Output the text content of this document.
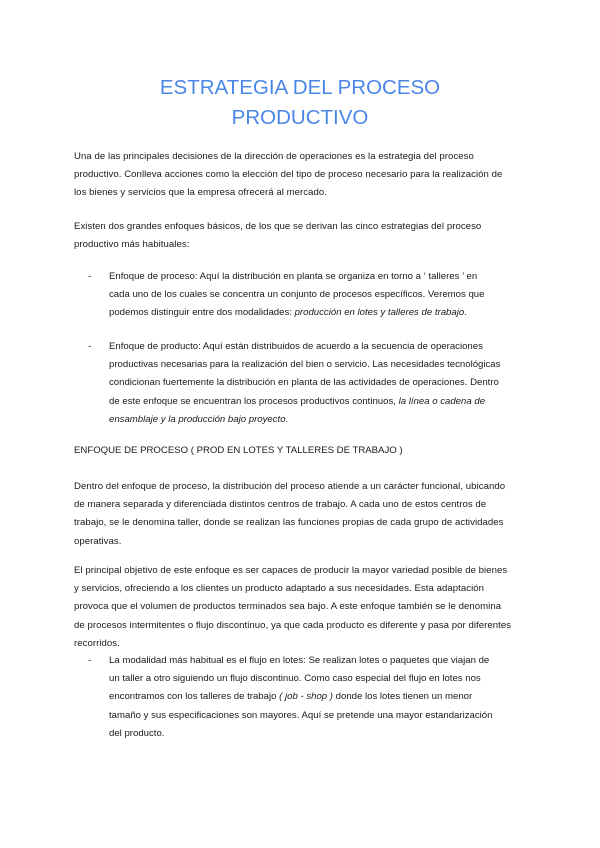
ESTRATEGIA DEL PROCESO
PRODUCTIVO
Una de las principales decisiones de la dirección de operaciones es la estrategia del proceso
productivo. Conlleva acciones como la elección del tipo de proceso necesario para la realización de
los bienes y servicios que la empresa ofrecerá al mercado.
Existen dos grandes enfoques básicos, de los que se derivan las cinco estrategias del proceso
productivo más habituales:
-	Enfoque de proceso: Aquí la distribución en planta se organiza en torno a ‘ talleres ’ en
cada uno de los cuales se concentra un conjunto de procesos específicos. Veremos que
podemos distinguir entre dos modalidades: producción en lotes y talleres de trabajo.
-	Enfoque de producto: Aquí están distribuidos de acuerdo a la secuencia de operaciones
productivas necesarias para la realización del bien o servicio. Las necesidades tecnológicas
condicionan fuertemente la distribución en planta de las actividades de operaciones. Dentro
de este enfoque se encuentran los procesos productivos continuos, la línea o cadena de
ensamblaje y la producción bajo proyecto.
ENFOQUE DE PROCESO ( PROD EN LOTES Y TALLERES DE TRABAJO )
Dentro del enfoque de proceso, la distribución del proceso atiende a un carácter funcional, ubicando
de manera separada y diferenciada distintos centros de trabajo. A cada uno de estos centros de
trabajo, se le denomina taller, donde se realizan las funciones propias de cada grupo de actividades
operativas.
El principal objetivo de este enfoque es ser capaces de producir la mayor variedad posible de bienes
y servicios, ofreciendo a los clientes un producto adaptado a sus necesidades. Esta adaptación
provoca que el volumen de productos terminados sea bajo. A este enfoque también se le denomina
de procesos intermitentes o flujo discontinuo, ya que cada producto es diferente y pasa por diferentes
recorridos.
-	La modalidad más habitual es el flujo en lotes: Se realizan lotes o paquetes que viajan de
un taller a otro siguiendo un flujo discontinuo. Como caso especial del flujo en lotes nos
encontramos con los talleres de trabajo ( job - shop ) donde los lotes tienen un menor
tamaño y sus especificaciones son mayores. Aquí se pretende una mayor estandarización
del producto.
